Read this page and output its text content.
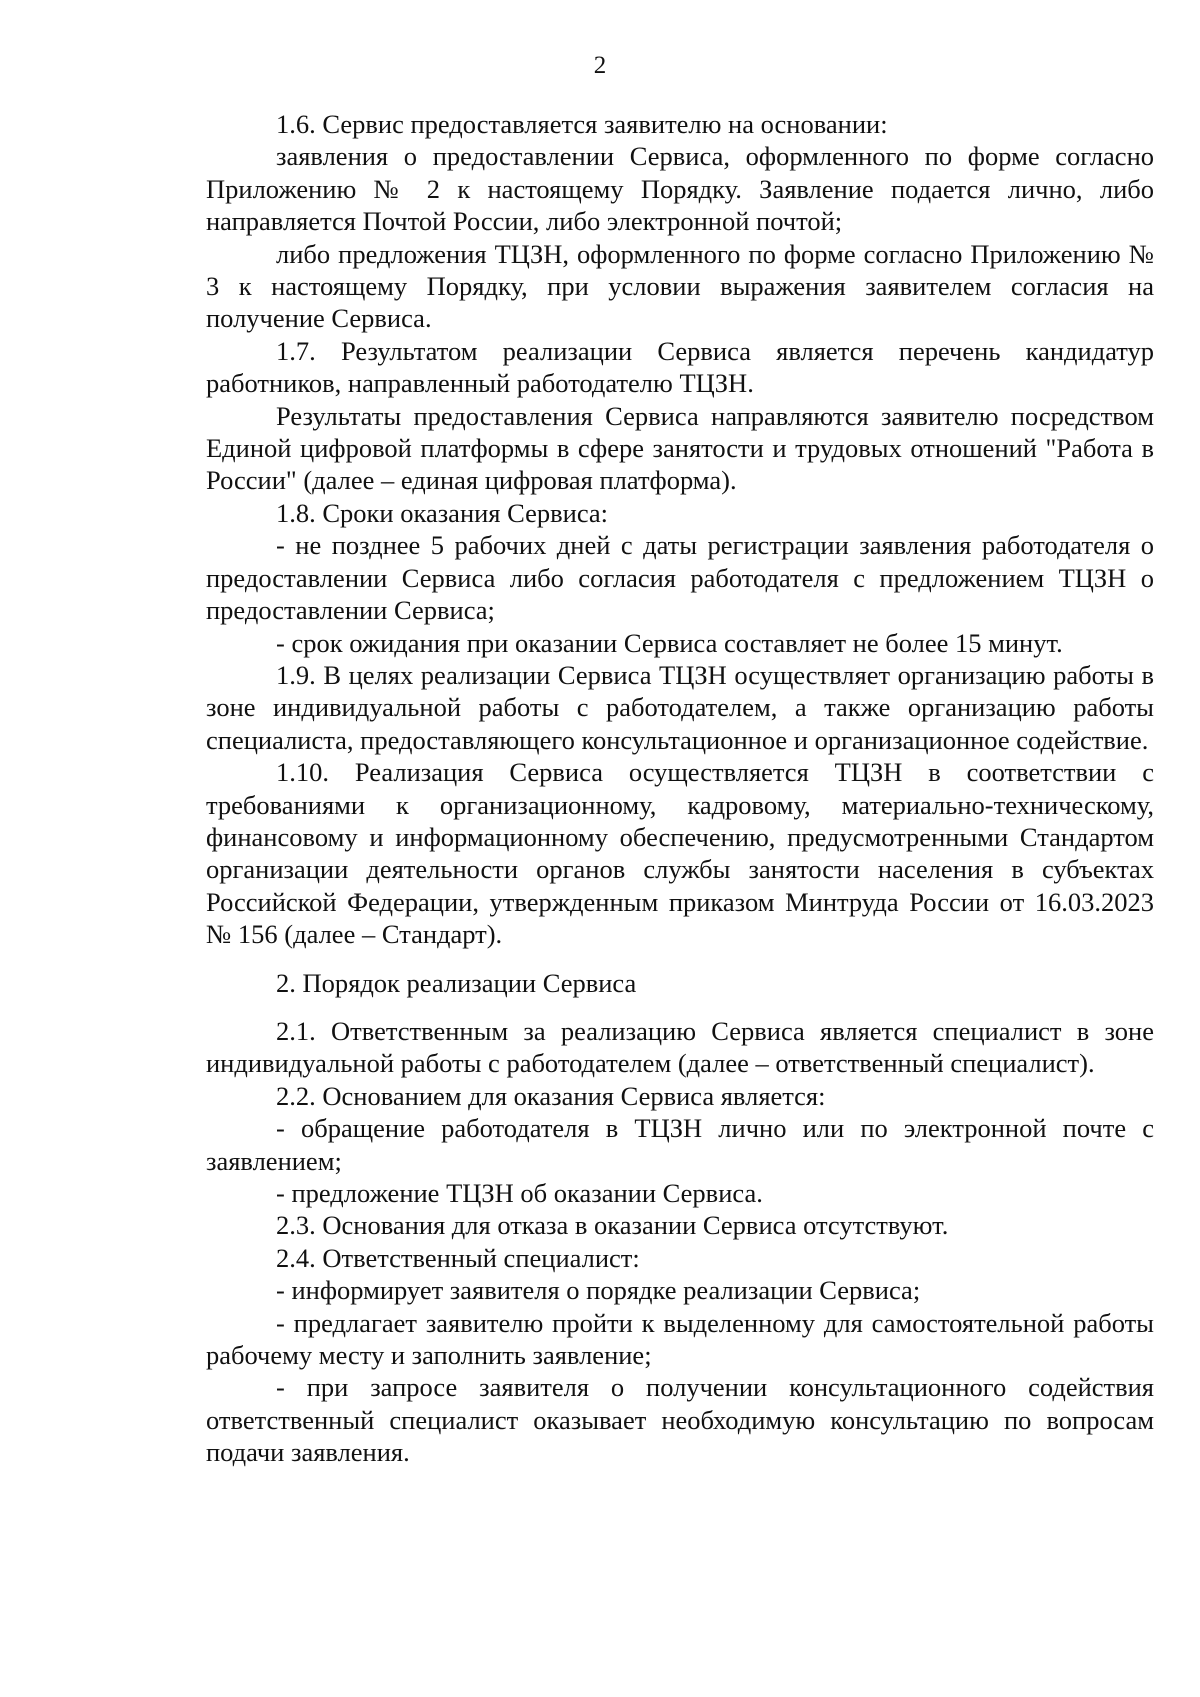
2

1.6. Сервис предоставляется заявителю на основании:

заявления о предоставлении Сервиса, оформленного по форме согласно Приложению № 2 к настоящему Порядку. Заявление подается лично, либо направляется Почтой России, либо электронной почтой;

либо предложения ТЦЗН, оформленного по форме согласно Приложению № 3 к настоящему Порядку, при условии выражения заявителем согласия на получение Сервиса.

1.7. Результатом реализации Сервиса является перечень кандидатур работников, направленный работодателю ТЦЗН.

Результаты предоставления Сервиса направляются заявителю посредством Единой цифровой платформы в сфере занятости и трудовых отношений "Работа в России" (далее – единая цифровая платформа).

1.8. Сроки оказания Сервиса:

- не позднее 5 рабочих дней с даты регистрации заявления работодателя о предоставлении Сервиса либо согласия работодателя с предложением ТЦЗН о предоставлении Сервиса;

- срок ожидания при оказании Сервиса составляет не более 15 минут.

1.9. В целях реализации Сервиса ТЦЗН осуществляет организацию работы в зоне индивидуальной работы с работодателем, а также организацию работы специалиста, предоставляющего консультационное и организационное содействие.

1.10. Реализация Сервиса осуществляется ТЦЗН в соответствии с требованиями к организационному, кадровому, материально-техническому, финансовому и информационному обеспечению, предусмотренными Стандартом организации деятельности органов службы занятости населения в субъектах Российской Федерации, утвержденным приказом Минтруда России от 16.03.2023 № 156 (далее – Стандарт).

2. Порядок реализации Сервиса

2.1. Ответственным за реализацию Сервиса является специалист в зоне индивидуальной работы с работодателем (далее – ответственный специалист).

2.2. Основанием для оказания Сервиса является:

- обращение работодателя в ТЦЗН лично или по электронной почте с заявлением;

- предложение ТЦЗН об оказании Сервиса.

2.3. Основания для отказа в оказании Сервиса отсутствуют.

2.4. Ответственный специалист:

- информирует заявителя о порядке реализации Сервиса;

- предлагает заявителю пройти к выделенному для самостоятельной работы рабочему месту и заполнить заявление;

- при запросе заявителя о получении консультационного содействия ответственный специалист оказывает необходимую консультацию по вопросам подачи заявления.
